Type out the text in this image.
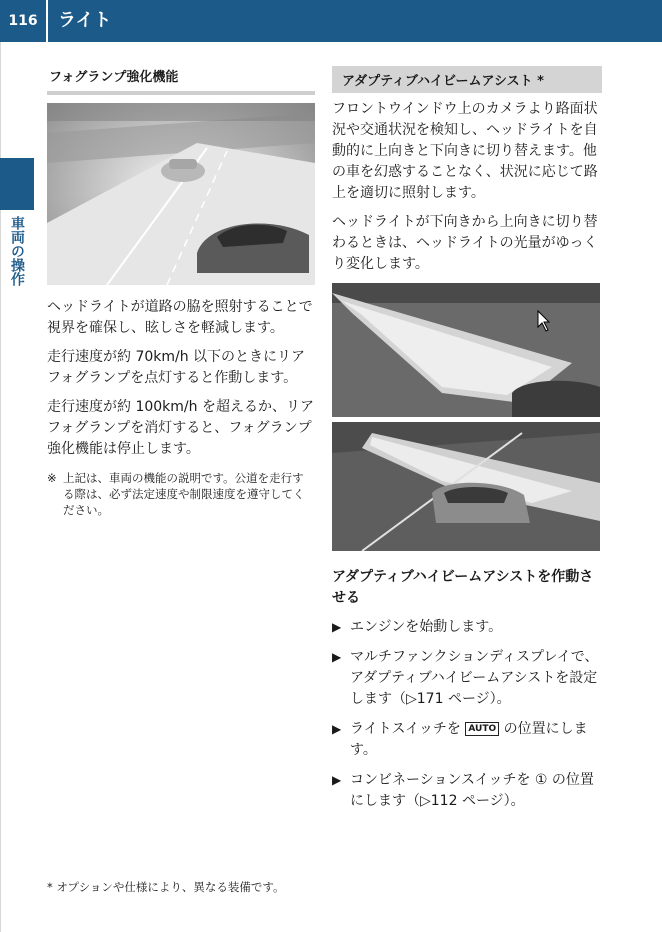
116	ライト
車両の操作
フォグランプ強化機能

ヘッドライトが道路の脇を照射することで視界を確保し、眩しさを軽減します。

走行速度が約 70km/h 以下のときにリアフォグランプを点灯すると作動します。

走行速度が約 100km/h を超えるか、リアフォグランプを消灯すると、フォグランプ強化機能は停止します。

※ 上記は、車両の機能の説明です。公道を走行する際は、必ず法定速度や制限速度を遵守してください。
アダプティブハイビームアシスト *

フロントウインドウ上のカメラより路面状況や交通状況を検知し、ヘッドライトを自動的に上向きと下向きに切り替えます。他の車を幻惑することなく、状況に応じて路上を適切に照射します。

ヘッドライトが下向きから上向きに切り替わるときは、ヘッドライトの光量がゆっくり変化します。

アダプティブハイビームアシストを作動させる
▶ エンジンを始動します。
▶ マルチファンクションディスプレイで、アダプティブハイビームアシストを設定します（▷171 ページ）。
▶ ライトスイッチを AUTO の位置にします。
▶ コンビネーションスイッチを ① の位置にします（▷112 ページ）。
* オプションや仕様により、異なる装備です。
